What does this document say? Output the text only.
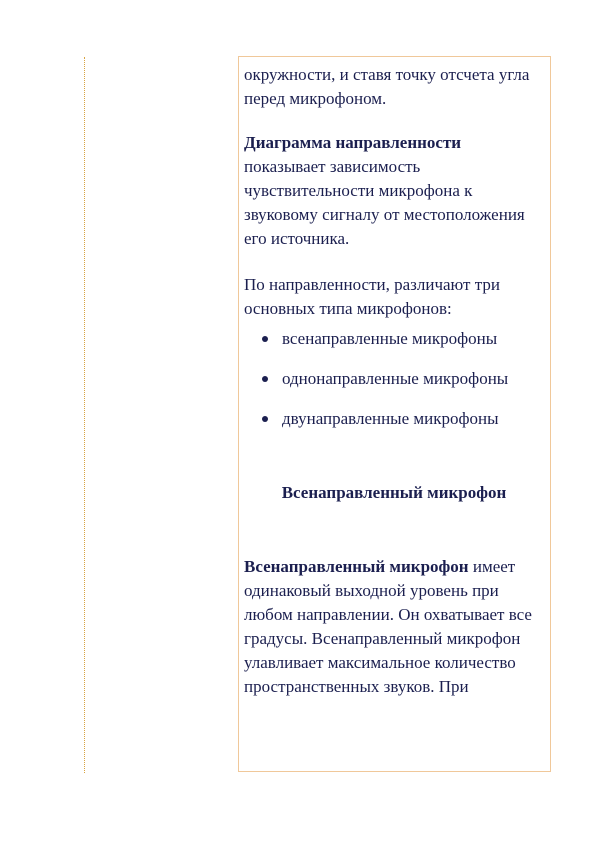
окружности, и ставя точку отсчета угла перед микрофоном.

Диаграмма направленности показывает зависимость чувствительности микрофона к звуковому сигналу от местоположения его источника.

По направленности, различают три основных типа микрофонов:

всенаправленные микрофоны
однонаправленные микрофоны
двунаправленные микрофоны

Всенаправленный микрофон

Всенаправленный микрофон имеет одинаковый выходной уровень при любом направлении. Он охватывает все градусы. Всенаправленный микрофон улавливает максимальное количество пространственных звуков. При
